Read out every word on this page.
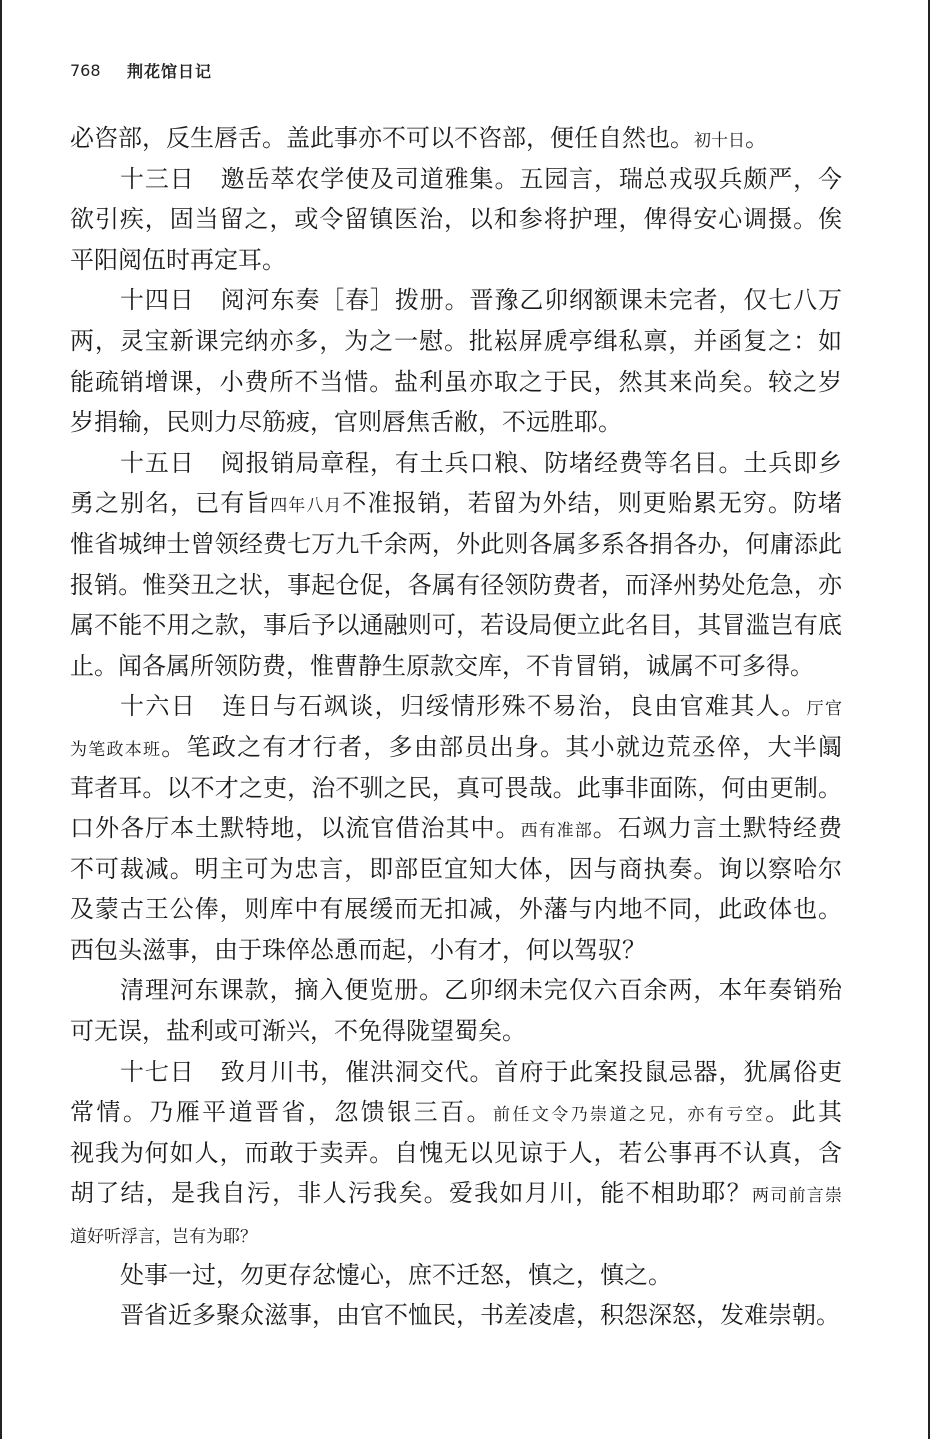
768	荆花馆日记
必咨部，反生唇舌。盖此事亦不可以不咨部，便任自然也。初十日。
十三日 邀岳萃农学使及司道雅集。五园言，瑞总戎驭兵颇严，今
欲引疾，固当留之，或令留镇医治，以和参将护理，俾得安心调摄。俟
平阳阅伍时再定耳。
十四日 阅河东奏［春］拨册。晋豫乙卯纲额课未完者，仅七八万
两，灵宝新课完纳亦多，为之一慰。批崧屏虒亭缉私禀，并函复之：如
能疏销增课，小费所不当惜。盐利虽亦取之于民，然其来尚矣。较之岁
岁捐输，民则力尽筋疲，官则唇焦舌敝，不远胜耶。
十五日 阅报销局章程，有土兵口粮、防堵经费等名目。土兵即乡
勇之别名，已有旨四年八月不准报销，若留为外结，则更贻累无穷。防堵
惟省城绅士曾领经费七万九千余两，外此则各属多系各捐各办，何庸添此
报销。惟癸丑之状，事起仓促，各属有径领防费者，而泽州势处危急，亦
属不能不用之款，事后予以通融则可，若设局便立此名目，其冒滥岂有底
止。闻各属所领防费，惟曹静生原款交库，不肯冒销，诚属不可多得。
十六日 连日与石飒谈，归绥情形殊不易治，良由官难其人。厅官
为笔政本班。笔政之有才行者，多由部员出身。其小就边荒丞倅，大半阘
茸者耳。以不才之吏，治不驯之民，真可畏哉。此事非面陈，何由更制。
口外各厅本土默特地，以流官借治其中。西有准部。石飒力言土默特经费
不可裁减。明主可为忠言，即部臣宜知大体，因与商执奏。询以察哈尔
及蒙古王公俸，则库中有展缓而无扣减，外藩与内地不同，此政体也。
西包头滋事，由于珠倅怂恿而起，小有才，何以驾驭？
清理河东课款，摘入便览册。乙卯纲未完仅六百余两，本年奏销殆
可无误，盐利或可渐兴，不免得陇望蜀矣。
十七日 致月川书，催洪洞交代。首府于此案投鼠忌器，犹属俗吏
常情。乃雁平道晋省，忽馈银三百。前任文令乃崇道之兄，亦有亏空。此其
视我为何如人，而敢于卖弄。自愧无以见谅于人，若公事再不认真，含
胡了结，是我自污，非人污我矣。爱我如月川，能不相助耶？两司前言崇
道好听浮言，岂有为耶？
处事一过，勿更存忿懥心，庶不迁怒，慎之，慎之。
晋省近多聚众滋事，由官不恤民，书差凌虐，积怨深怒，发难崇朝。
